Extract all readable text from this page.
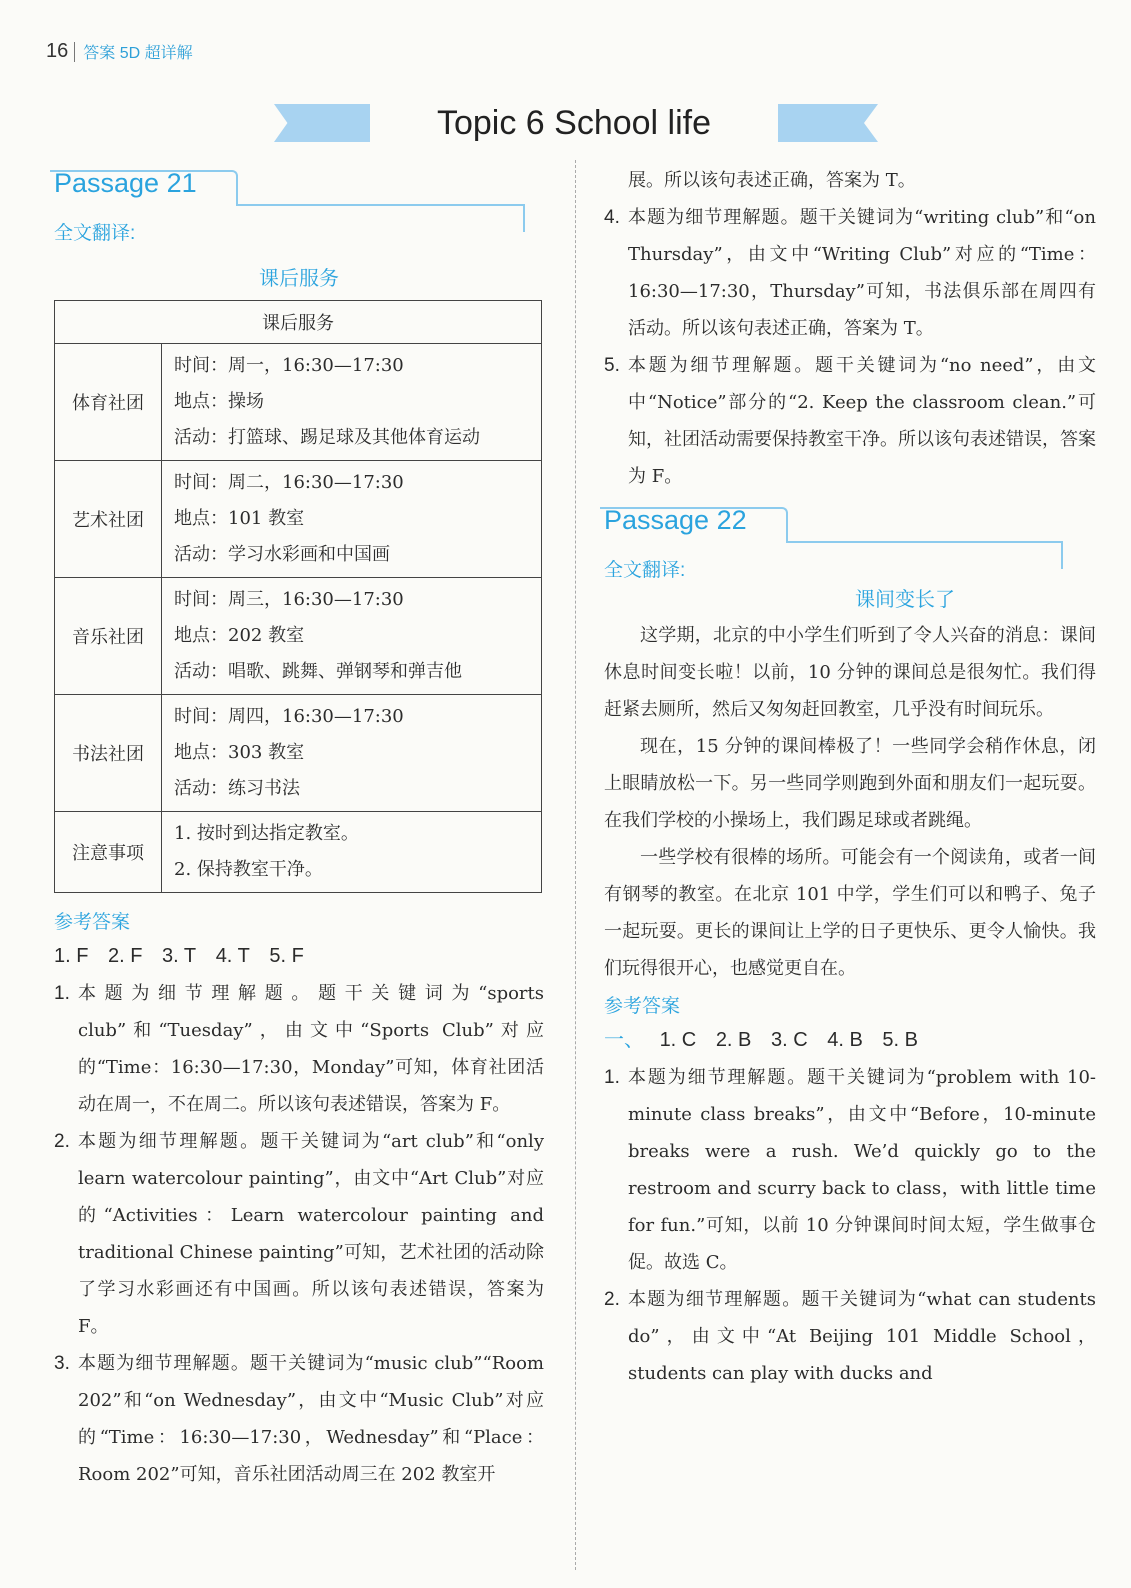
16 答案 5D 超详解
Topic 6 School life
Passage 21
全文翻译:
课后服务
课后服务	
体育社团	时间：周一，16:30—17:30
地点：操场
活动：打篮球、踢足球及其他体育运动

艺术社团	时间：周二，16:30—17:30
地点：101 教室
活动：学习水彩画和中国画

音乐社团	时间：周三，16:30—17:30
地点：202 教室
活动：唱歌、跳舞、弹钢琴和弹吉他

书法社团	时间：周四，16:30—17:30
地点：303 教室
活动：练习书法

注意事项	1. 按时到达指定教室。
2. 保持教室干净。
参考答案
1. F 2. F 3. T 4. T 5. F
1. 本题为细节理解题。题干关键词为“sports club”和“Tuesday”，由文中“Sports Club”对应的“Time：16:30—17:30，Monday”可知，体育社团活动在周一，不在周二。所以该句表述错误，答案为 F。
2. 本题为细节理解题。题干关键词为“art club”和“only learn watercolour painting”，由文中“Art Club”对应的“Activities：Learn watercolour painting and traditional Chinese painting”可知，艺术社团的活动除了学习水彩画还有中国画。所以该句表述错误，答案为 F。
3. 本题为细节理解题。题干关键词为“music club”“Room 202”和“on Wednesday”，由文中“Music Club”对应的“Time：16:30—17:30，Wednesday”和“Place：Room 202”可知，音乐社团活动周三在 202 教室开
展。所以该句表述正确，答案为 T。
4. 本题为细节理解题。题干关键词为“writing club”和“on Thursday”，由文中“Writing Club”对应的“Time：16:30—17:30，Thursday”可知，书法俱乐部在周四有活动。所以该句表述正确，答案为 T。
5. 本题为细节理解题。题干关键词为“no need”，由文中“Notice”部分的“2. Keep the classroom clean.”可知，社团活动需要保持教室干净。所以该句表述错误，答案为 F。
Passage 22
全文翻译:
课间变长了
这学期，北京的中小学生们听到了令人兴奋的消息：课间休息时间变长啦！以前，10 分钟的课间总是很匆忙。我们得赶紧去厕所，然后又匆匆赶回教室，几乎没有时间玩乐。
现在，15 分钟的课间棒极了！一些同学会稍作休息，闭上眼睛放松一下。另一些同学则跑到外面和朋友们一起玩耍。在我们学校的小操场上，我们踢足球或者跳绳。
一些学校有很棒的场所。可能会有一个阅读角，或者一间有钢琴的教室。在北京 101 中学，学生们可以和鸭子、兔子一起玩耍。更长的课间让上学的日子更快乐、更令人愉快。我们玩得很开心，也感觉更自在。
参考答案
一、 1. C 2. B 3. C 4. B 5. B
1. 本题为细节理解题。题干关键词为“problem with 10-minute class breaks”，由文中“Before，10-minute breaks were a rush. We’d quickly go to the restroom and scurry back to class，with little time for fun.”可知，以前 10 分钟课间时间太短，学生做事仓促。故选 C。
2. 本题为细节理解题。题干关键词为“what can students do”，由文中“At Beijing 101 Middle School，students can play with ducks and
